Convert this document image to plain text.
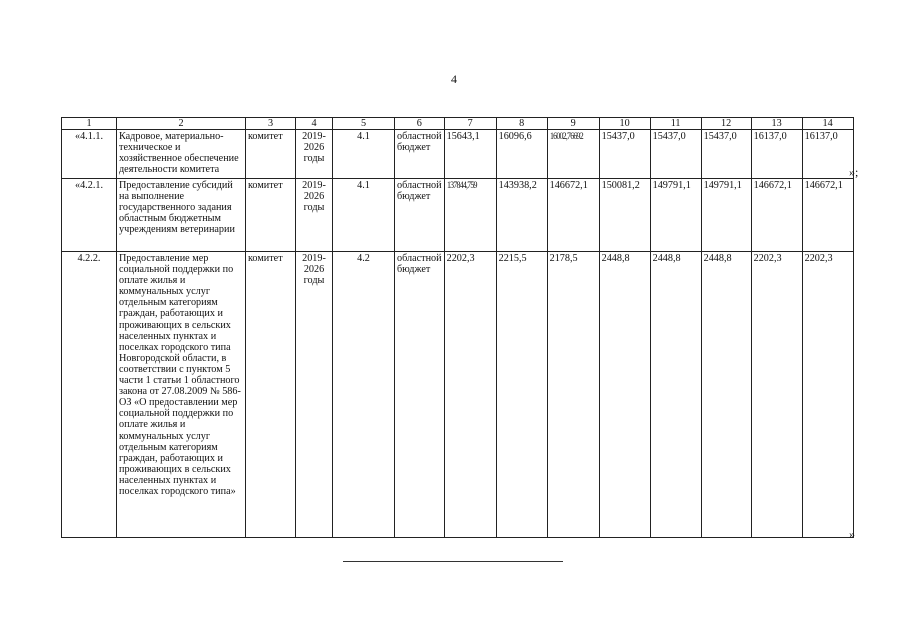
4
1	2	3	4	5	6	7	8	9	10	11	12	13	14
«4.1.1.	Кадровое, материально-техническое и хозяйственное обеспечение деятельности комитета	комитет	2019-2026 годы	4.1	областной бюджет	15643,1	16096,6	16002,76692	15437,0	15437,0	15437,0	16137,0	16137,0
«4.2.1.	Предоставление субсидий на выполнение государственного задания областным бюджетным учреждениям ветеринарии	комитет	2019-2026 годы	4.1	областной бюджет	137844,759	143938,2	146672,1	150081,2	149791,1	149791,1	146672,1	146672,1
4.2.2.	Предоставление мер социальной поддержки по оплате жилья и коммунальных услуг отдельным категориям граждан, работающих и проживающих в сельских населенных пунктах и поселках городского типа Новгородской области, в соответствии с пунктом 5 части 1 статьи 1 областного закона от 27.08.2009 № 586-ОЗ «О предоставлении мер социальной поддержки по оплате жилья и коммунальных услуг отдельным категориям граждан, работающих и проживающих в сельских населенных пунктах и поселках городского типа»	комитет	2019-2026 годы	4.2	областной бюджет	2202,3	2215,5	2178,5	2448,8	2448,8	2448,8	2202,3	2202,3
»;
»
